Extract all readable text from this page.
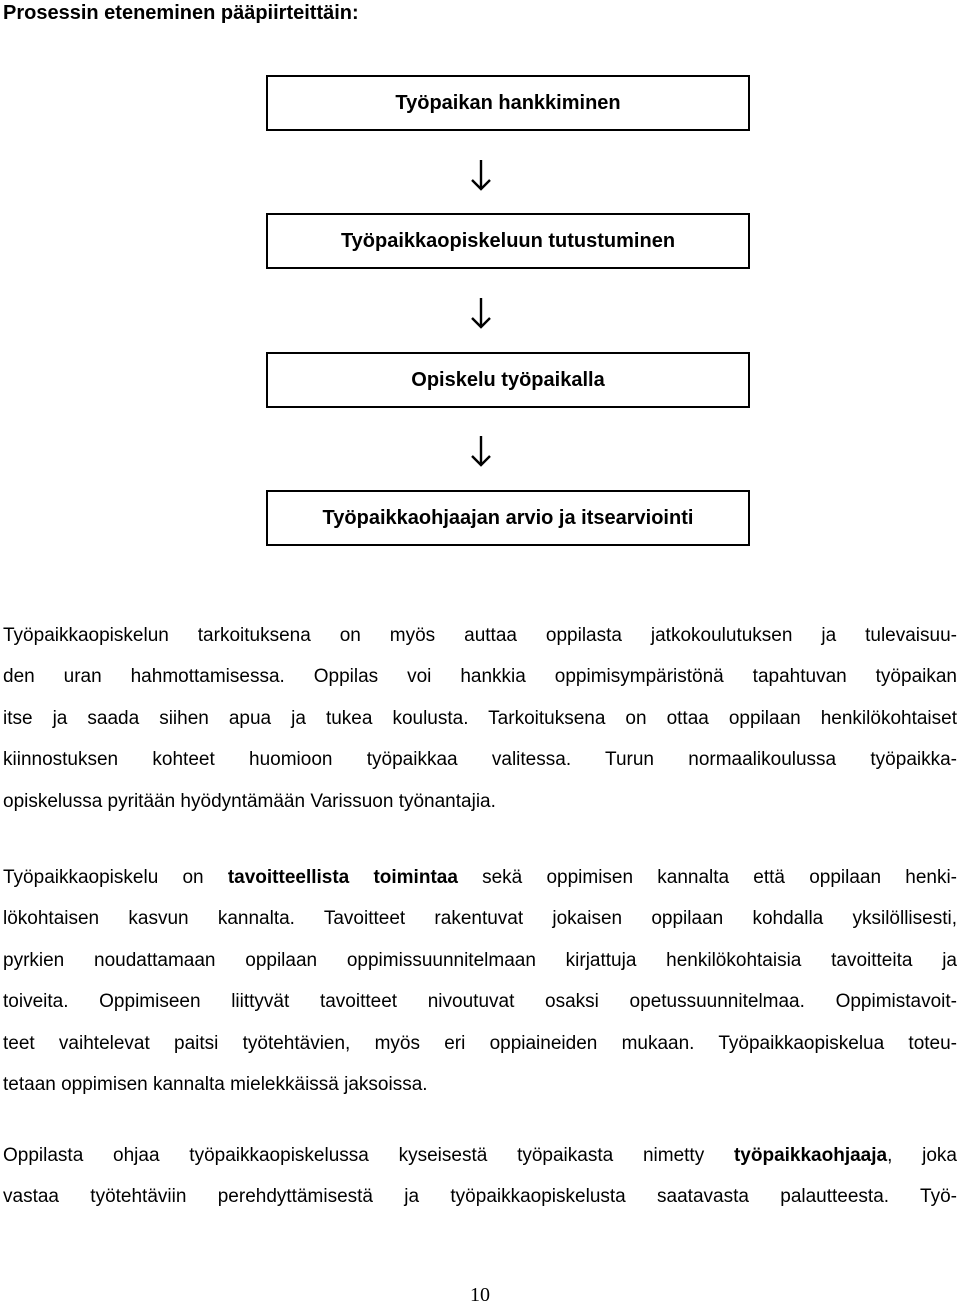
Prosessin eteneminen pääpiirteittäin:
Työpaikan hankkiminen
Työpaikkaopiskeluun tutustuminen
Opiskelu työpaikalla
Työpaikkaohjaajan arvio ja itsearviointi
Työpaikkaopiskelun tarkoituksena on myös auttaa oppilasta jatkokoulutuksen ja tulevaisuu-
den uran hahmottamisessa. Oppilas voi hankkia oppimisympäristönä tapahtuvan työpaikan
itse ja saada siihen apua ja tukea koulusta. Tarkoituksena on ottaa oppilaan henkilökohtaiset
kiinnostuksen kohteet huomioon työpaikkaa valitessa. Turun normaalikoulussa työpaikka-
opiskelussa pyritään hyödyntämään Varissuon työnantajia.
Työpaikkaopiskelu on tavoitteellista toimintaa sekä oppimisen kannalta että oppilaan henki-
lökohtaisen kasvun kannalta. Tavoitteet rakentuvat jokaisen oppilaan kohdalla yksilöllisesti,
pyrkien noudattamaan oppilaan oppimissuunnitelmaan kirjattuja henkilökohtaisia tavoitteita ja
toiveita. Oppimiseen liittyvät tavoitteet nivoutuvat osaksi opetussuunnitelmaa. Oppimistavoit-
teet vaihtelevat paitsi työtehtävien, myös eri oppiaineiden mukaan. Työpaikkaopiskelua toteu-
tetaan oppimisen kannalta mielekkäissä jaksoissa.
Oppilasta ohjaa työpaikkaopiskelussa kyseisestä työpaikasta nimetty työpaikkaohjaaja, joka
vastaa työtehtäviin perehdyttämisestä ja työpaikkaopiskelusta saatavasta palautteesta. Työ-
10
